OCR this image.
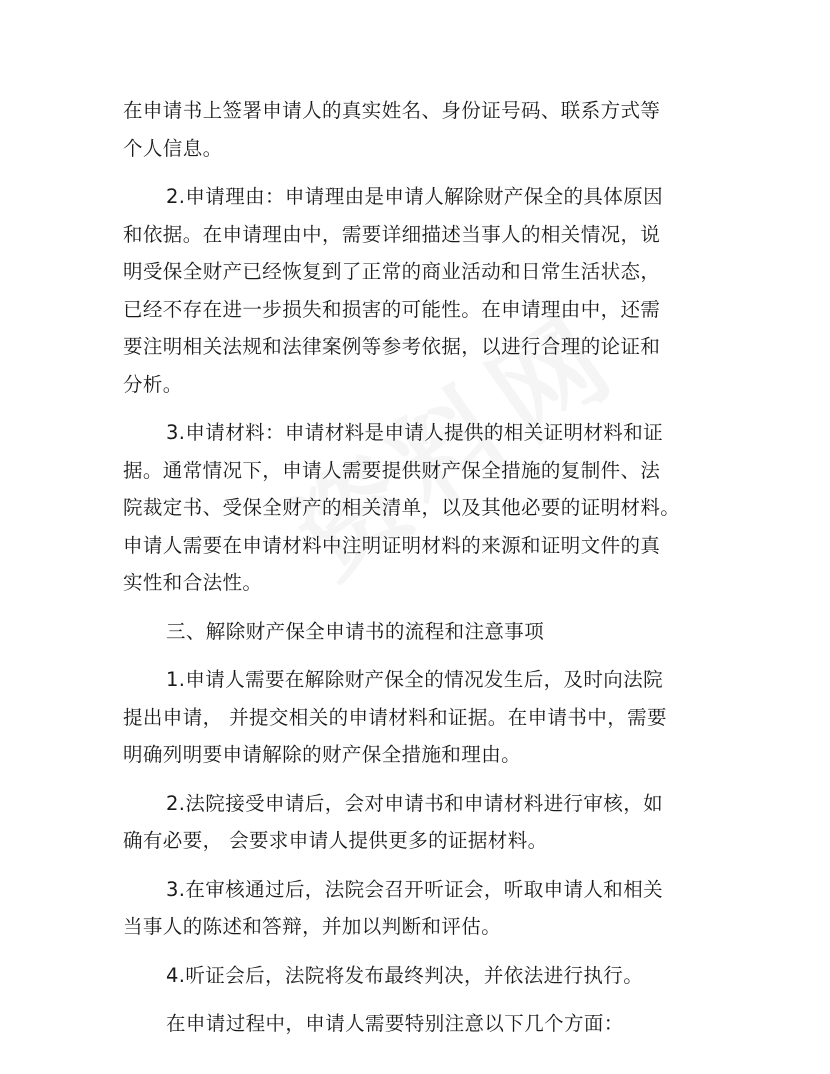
在申请书上签署申请人的真实姓名、身份证号码、联系方式等
个人信息。

2.申请理由：申请理由是申请人解除财产保全的具体原因
和依据。在申请理由中，需要详细描述当事人的相关情况，说
明受保全财产已经恢复到了正常的商业活动和日常生活状态，
已经不存在进一步损失和损害的可能性。在申请理由中，还需
要注明相关法规和法律案例等参考依据，以进行合理的论证和
分析。

3.申请材料：申请材料是申请人提供的相关证明材料和证
据。通常情况下，申请人需要提供财产保全措施的复制件、法
院裁定书、受保全财产的相关清单，以及其他必要的证明材料。
申请人需要在申请材料中注明证明材料的来源和证明文件的真
实性和合法性。

三、解除财产保全申请书的流程和注意事项

1.申请人需要在解除财产保全的情况发生后，及时向法院
提出申请， 并提交相关的申请材料和证据。在申请书中，需要
明确列明要申请解除的财产保全措施和理由。

2.法院接受申请后，会对申请书和申请材料进行审核，如
确有必要， 会要求申请人提供更多的证据材料。

3.在审核通过后，法院会召开听证会，听取申请人和相关
当事人的陈述和答辩，并加以判断和评估。

4.听证会后，法院将发布最终判决，并依法进行执行。

在申请过程中，申请人需要特别注意以下几个方面：
